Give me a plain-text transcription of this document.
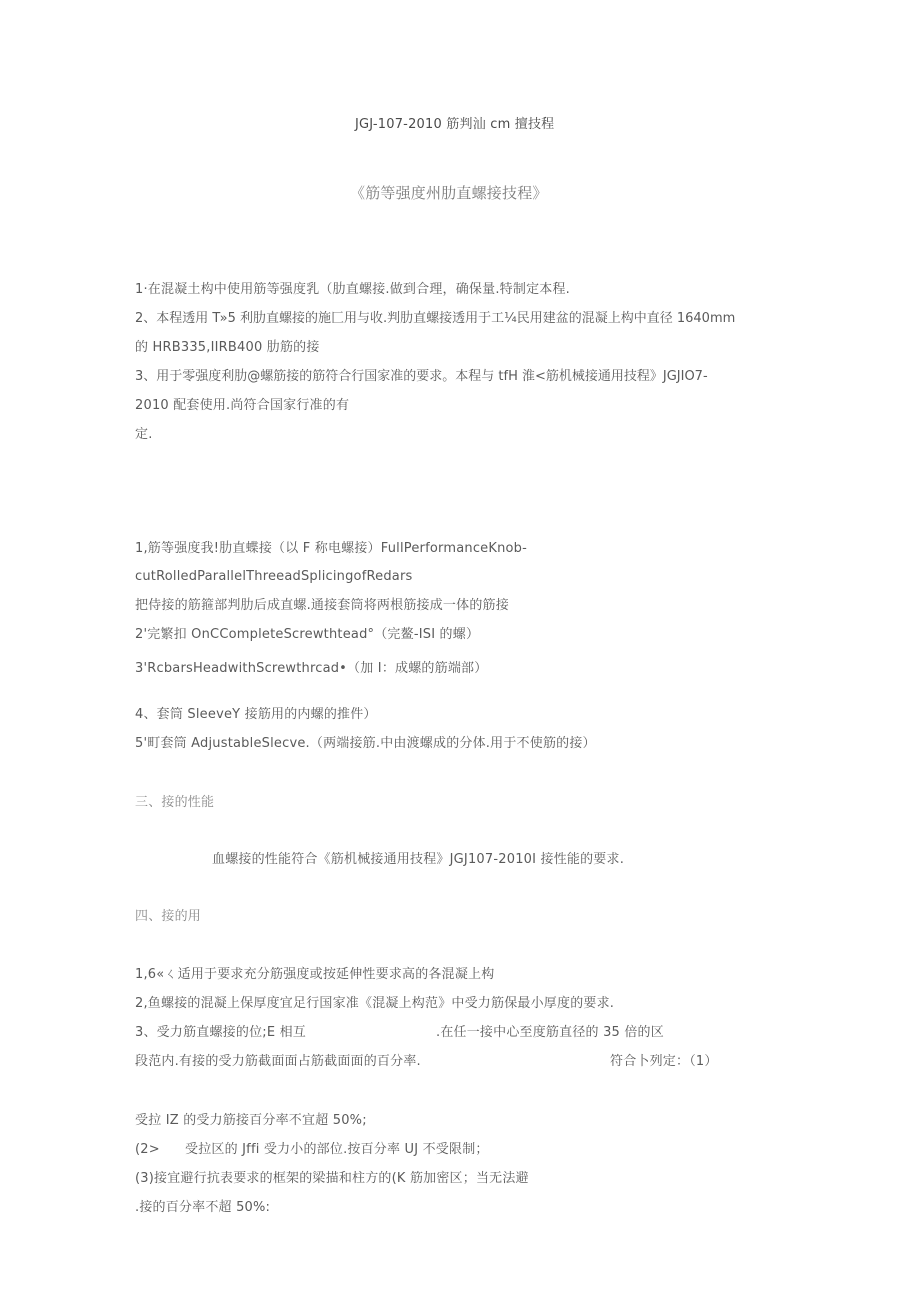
JGJ-107-2010 筋判汕 cm 擅技程
《筋等强度州肋直螺接技程》
1·在混凝土构中使用筋等强度乳（肋直螺接.做到合理，确保量.特制定本程.
2、本程透用 T»5 利肋直螺接的施匚用与收.判肋直螺接透用于工¼民用建盆的混凝上构中直径 1640mm
的 HRB335,IIRB400 肋筋的接
3、用于零强度利肋@螺筋接的筋符合行国家准的要求。本程与 tfH 淮<筋机械接通用技程》JGJIO7-
2010 配套使用.尚符合国家行准的有
定.
1,筋等强度我!肋直蝶接（以 F 称电螺接）FullPerformanceKnob-
cutRolledParallelThreeadSplicingofRedars
把侍接的筋箍部判肋后成直螺.通接套筒将两根筋接成一体的筋接
2'完繁扣 OnCCompleteScrewthtead°（完鳌-ISI 的螺）
3'RcbarsHeadwithScrewthrcad•（加 I：成螺的筋端部）
4、套筒 SleeveY 接筋用的内螺的推件）
5'町套筒 AdjustableSlecve.（两端接筋.中由渡螺成的分体.用于不使筋的接）
三、接的性能
血螺接的性能符合《筋机械接通用技程》JGJ107-2010I 接性能的要求.
四、接的用
1,6«ㄑ适用于要求充分筋强度或按延伸性要求高的各混凝上构
2,鱼螺接的混凝上保厚度宜足行国家准《混凝上构范》中受力筋保最小厚度的要求.
3、受力筋直螺接的位;E 相互	.在任一接中心至度筋直径的 35 倍的区
段范内.有接的受力筋截面面占筋截面面的百分率.	符合卜列定：（1）
受拉 IZ 的受力筋接百分率不宜超 50%;
(2> 受拉区的 Jffi 受力小的部位.按百分率 UJ 不受限制；
(3)接宜避行抗表要求的框架的梁描和柱方的(K 筋加密区；当无法避
.接的百分率不超 50%:
